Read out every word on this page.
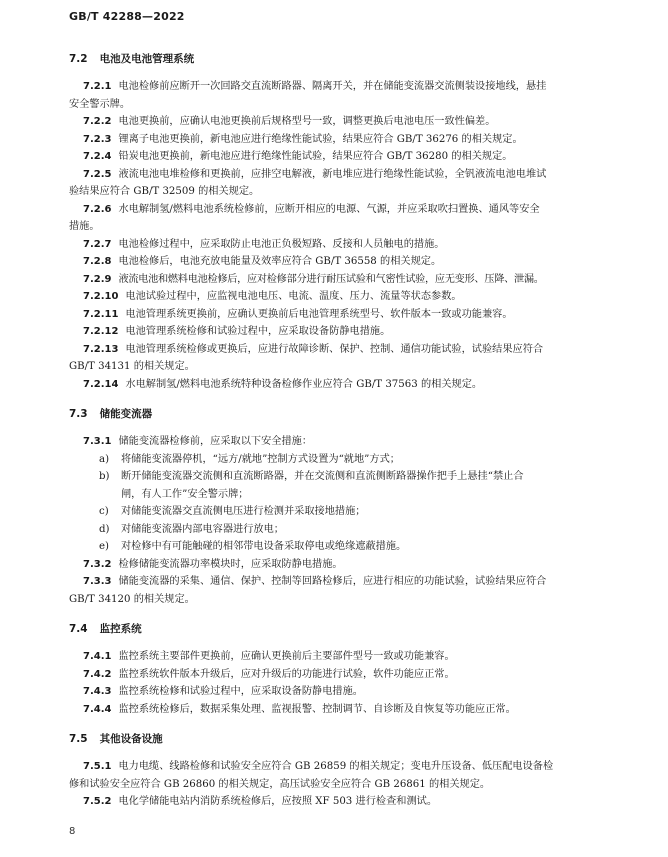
GB/T 42288—2022
7.2 电池及电池管理系统

7.2.1 电池检修前应断开一次回路交直流断路器、隔离开关，并在储能变流器交流侧装设接地线，悬挂
安全警示牌。

7.2.2 电池更换前，应确认电池更换前后规格型号一致，调整更换后电池电压一致性偏差。

7.2.3 锂离子电池更换前，新电池应进行绝缘性能试验，结果应符合 GB/T 36276 的相关规定。

7.2.4 铅炭电池更换前，新电池应进行绝缘性能试验，结果应符合 GB/T 36280 的相关规定。

7.2.5 液流电池电堆检修和更换前，应排空电解液，新电堆应进行绝缘性能试验，全钒液流电池电堆试
验结果应符合 GB/T 32509 的相关规定。

7.2.6 水电解制氢/燃料电池系统检修前，应断开相应的电源、气源，并应采取吹扫置换、通风等安全
措施。

7.2.7 电池检修过程中，应采取防止电池正负极短路、反接和人员触电的措施。

7.2.8 电池检修后，电池充放电能量及效率应符合 GB/T 36558 的相关规定。

7.2.9 液流电池和燃料电池检修后，应对检修部分进行耐压试验和气密性试验，应无变形、压降、泄漏。

7.2.10 电池试验过程中，应监视电池电压、电流、温度、压力、流量等状态参数。

7.2.11 电池管理系统更换前，应确认更换前后电池管理系统型号、软件版本一致或功能兼容。

7.2.12 电池管理系统检修和试验过程中，应采取设备防静电措施。

7.2.13 电池管理系统检修或更换后，应进行故障诊断、保护、控制、通信功能试验，试验结果应符合
GB/T 34131 的相关规定。

7.2.14 水电解制氢/燃料电池系统特种设备检修作业应符合 GB/T 37563 的相关规定。

7.3 储能变流器

7.3.1 储能变流器检修前，应采取以下安全措施：

a) 将储能变流器停机，“远方/就地”控制方式设置为“就地”方式；

b) 断开储能变流器交流侧和直流断路器，并在交流侧和直流侧断路器操作把手上悬挂“禁止合

闸，有人工作”安全警示牌；

c) 对储能变流器交直流侧电压进行检测并采取接地措施；

d) 对储能变流器内部电容器进行放电；

e) 对检修中有可能触碰的相邻带电设备采取停电或绝缘遮蔽措施。

7.3.2 检修储能变流器功率模块时，应采取防静电措施。

7.3.3 储能变流器的采集、通信、保护、控制等回路检修后，应进行相应的功能试验，试验结果应符合
GB/T 34120 的相关规定。

7.4 监控系统

7.4.1 监控系统主要部件更换前，应确认更换前后主要部件型号一致或功能兼容。

7.4.2 监控系统软件版本升级后，应对升级后的功能进行试验，软件功能应正常。

7.4.3 监控系统检修和试验过程中，应采取设备防静电措施。

7.4.4 监控系统检修后，数据采集处理、监视报警、控制调节、自诊断及自恢复等功能应正常。

7.5 其他设备设施

7.5.1 电力电缆、线路检修和试验安全应符合 GB 26859 的相关规定；变电升压设备、低压配电设备检
修和试验安全应符合 GB 26860 的相关规定，高压试验安全应符合 GB 26861 的相关规定。

7.5.2 电化学储能电站内消防系统检修后，应按照 XF 503 进行检查和测试。

8
